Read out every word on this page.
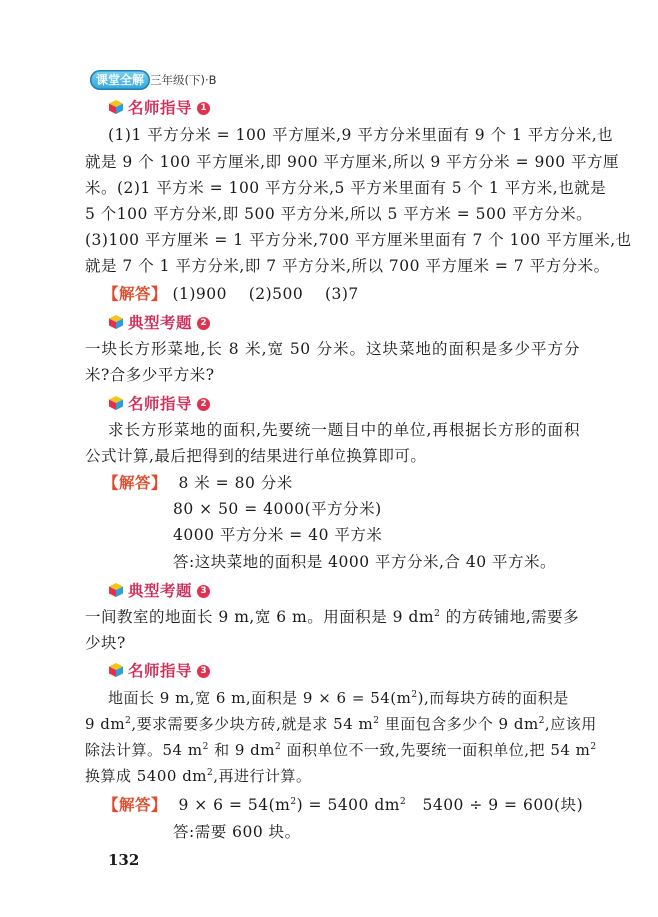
课堂全解 三年级(下)·B
名师指导 1
(1)1 平方分米 = 100 平方厘米,9 平方分米里面有 9 个 1 平方分米,也
就是 9 个 100 平方厘米,即 900 平方厘米,所以 9 平方分米 = 900 平方厘
米。(2)1 平方米 = 100 平方分米,5 平方米里面有 5 个 1 平方米,也就是
5 个100 平方分米,即 500 平方分米,所以 5 平方米 = 500 平方分米。
(3)100 平方厘米 = 1 平方分米,700 平方厘米里面有 7 个 100 平方厘米,也
就是 7 个 1 平方分米,即 7 平方分米,所以 700 平方厘米 = 7 平方分米。
【解答】 (1)900    (2)500    (3)7
典型考题 2
一块长方形菜地,长 8 米,宽 50 分米。这块菜地的面积是多少平方分
米?合多少平方米?
名师指导 2
求长方形菜地的面积,先要统一题目中的单位,再根据长方形的面积
公式计算,最后把得到的结果进行单位换算即可。
【解答】 8 米 = 80 分米
80 × 50 = 4000(平方分米)
4000 平方分米 = 40 平方米
答:这块菜地的面积是 4000 平方分米,合 40 平方米。
典型考题 3
一间教室的地面长 9 m,宽 6 m。用面积是 9 $dm^2$ 的方砖铺地,需要多
少块?
名师指导 3
地面长 9 m,宽 6 m,面积是 $9 \times 6 = 54(m^2)$,而每块方砖的面积是
9 $dm^2$,要求需要多少块方砖,就是求 54 $m^2$ 里面包含多少个 9 $dm^2$,应该用
除法计算。54 $m^2$ 和 9 $dm^2$ 面积单位不一致,先要统一面积单位,把 54 $m^2$
换算成 5400 $dm^2$,再进行计算。
【解答】 $9 \times 6 = 54(m^2) = 5400$ $dm^2$   5400 ÷ 9 = 600(块)
答:需要 600 块。
132
